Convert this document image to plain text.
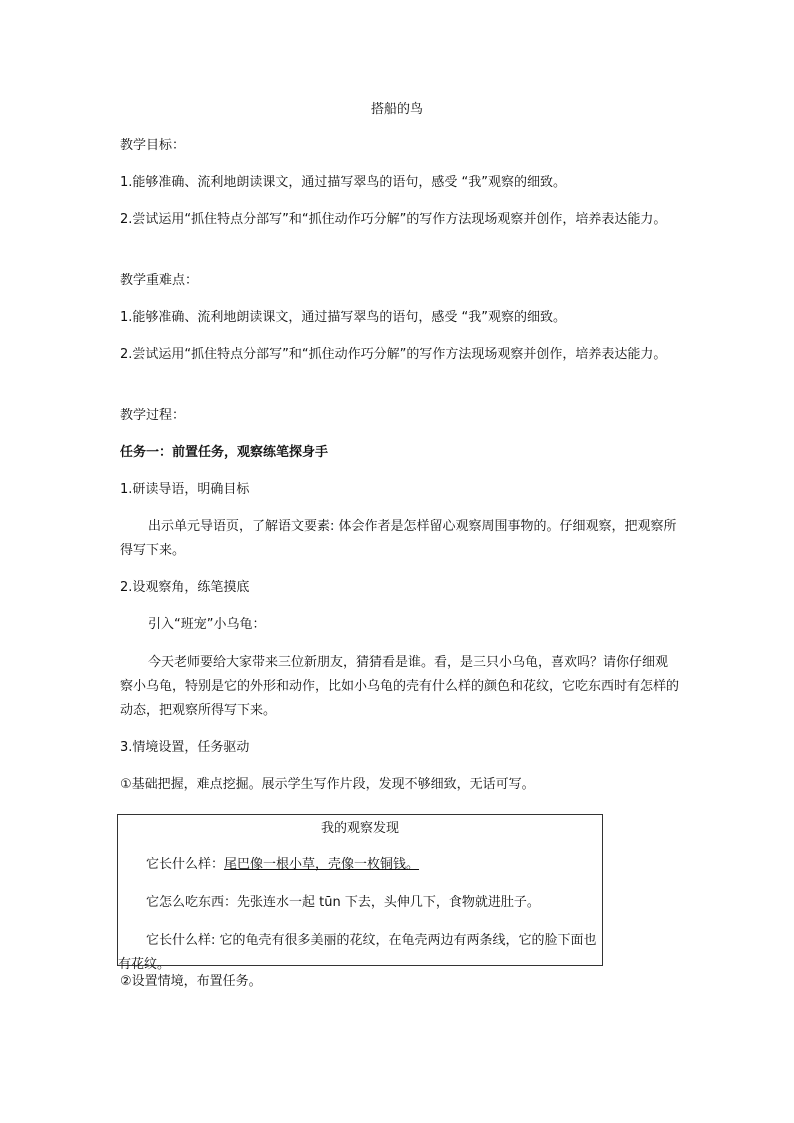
搭船的鸟

教学目标：

1.能够准确、流利地朗读课文，通过描写翠鸟的语句，感受 “我”观察的细致。

2.尝试运用“抓住特点分部写”和“抓住动作巧分解”的写作方法现场观察并创作，培养表达能力。

教学重难点：

1.能够准确、流利地朗读课文，通过描写翠鸟的语句，感受 “我”观察的细致。

2.尝试运用“抓住特点分部写”和“抓住动作巧分解”的写作方法现场观察并创作，培养表达能力。

教学过程：

任务一：前置任务，观察练笔探身手

1.研读导语，明确目标

出示单元导语页，了解语文要素: 体会作者是怎样留心观察周围事物的。仔细观察，把观察所得写下来。

2.设观察角，练笔摸底

引入“班宠”小乌龟：

今天老师要给大家带来三位新朋友，猜猜看是谁。看，是三只小乌龟，喜欢吗？请你仔细观察小乌龟，特别是它的外形和动作，比如小乌龟的壳有什么样的颜色和花纹，它吃东西时有怎样的动态，把观察所得写下来。

3.情境设置，任务驱动

①基础把握，难点挖掘。展示学生写作片段，发现不够细致，无话可写。

我的观察发现

它长什么样：尾巴像一根小草，壳像一枚铜钱。

它怎么吃东西：先张连水一起 tūn 下去，头伸几下，食物就进肚子。

它长什么样: 它的龟壳有很多美丽的花纹，在龟壳两边有两条线，它的脸下面也有花纹。

②设置情境，布置任务。
